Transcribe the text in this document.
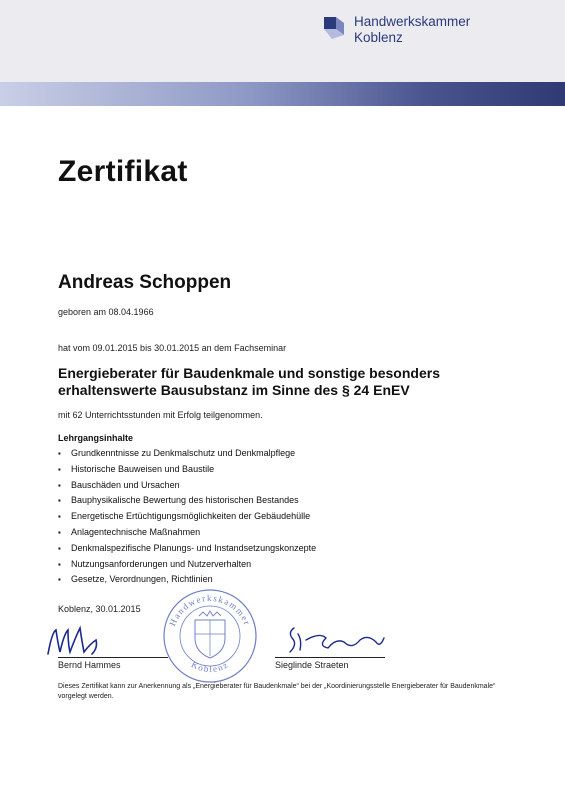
Handwerkskammer
Koblenz
Zertifikat
Andreas Schoppen
geboren am 08.04.1966
hat vom 09.01.2015 bis 30.01.2015 an dem Fachseminar
Energieberater für Baudenkmale und sonstige besonders
erhaltenswerte Bausubstanz im Sinne des § 24 EnEV
mit 62 Unterrichtsstunden mit Erfolg teilgenommen.
Lehrgangsinhalte
▪ Grundkenntnisse zu Denkmalschutz und Denkmalpflege
▪ Historische Bauweisen und Baustile
▪ Bauschäden und Ursachen
▪ Bauphysikalische Bewertung des historischen Bestandes
▪ Energetische Ertüchtigungsmöglichkeiten der Gebäudehülle
▪ Anlagentechnische Maßnahmen
▪ Denkmalspezifische Planungs- und Instandsetzungskonzepte
▪ Nutzungsanforderungen und Nutzerverhalten
▪ Gesetze, Verordnungen, Richtlinien
Koblenz, 30.01.2015
Handwerkskammer
Koblenz
Bernd Hammes	Sieglinde Straeten
Dieses Zertifikat kann zur Anerkennung als „Energieberater für Baudenkmale“ bei der „Koordinierungsstelle Energieberater für Baudenkmale“ vorgelegt werden.
